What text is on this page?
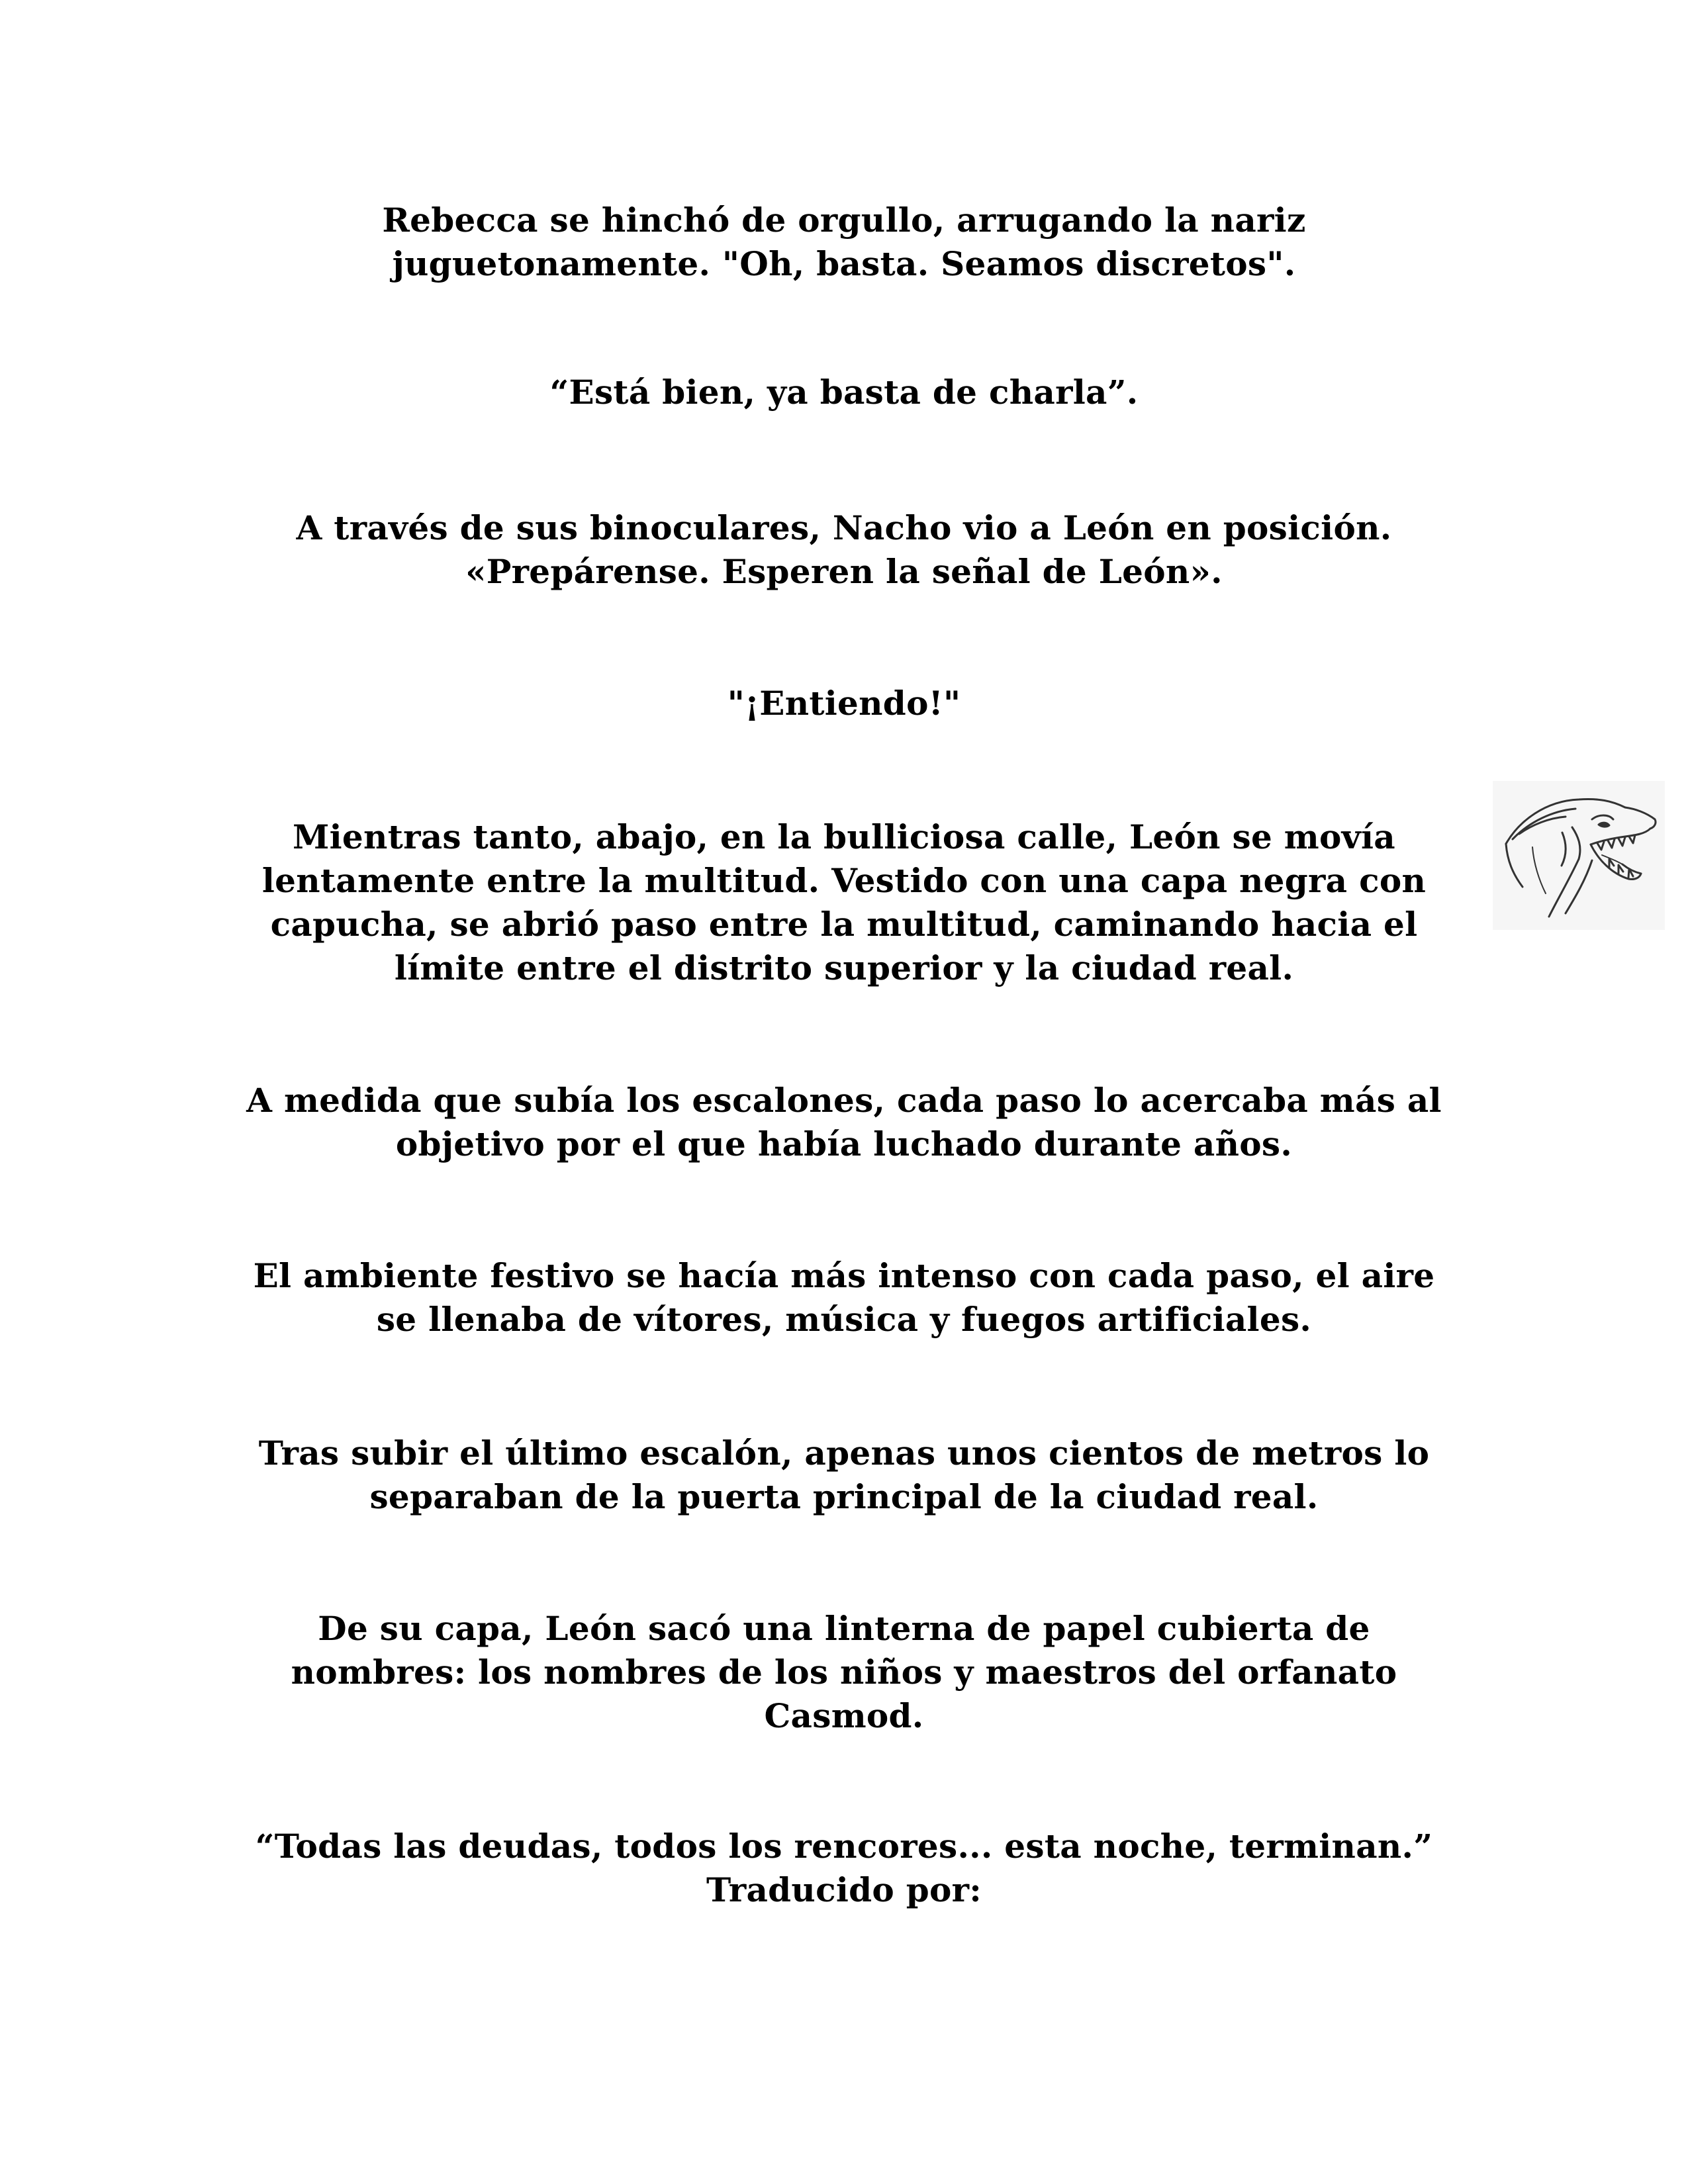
Rebecca se hinchó de orgullo, arrugando la nariz
juguetonamente. "Oh, basta. Seamos discretos".

“Está bien, ya basta de charla”.

A través de sus binoculares, Nacho vio a León en posición.
«Prepárense. Esperen la señal de León».

"¡Entiendo!"

Mientras tanto, abajo, en la bulliciosa calle, León se movía
lentamente entre la multitud. Vestido con una capa negra con
capucha, se abrió paso entre la multitud, caminando hacia el
límite entre el distrito superior y la ciudad real.

A medida que subía los escalones, cada paso lo acercaba más al
objetivo por el que había luchado durante años.

El ambiente festivo se hacía más intenso con cada paso, el aire
se llenaba de vítores, música y fuegos artificiales.

Tras subir el último escalón, apenas unos cientos de metros lo
separaban de la puerta principal de la ciudad real.

De su capa, León sacó una linterna de papel cubierta de
nombres: los nombres de los niños y maestros del orfanato
Casmod.

“Todas las deudas, todos los rencores... esta noche, terminan.”
Traducido por:
